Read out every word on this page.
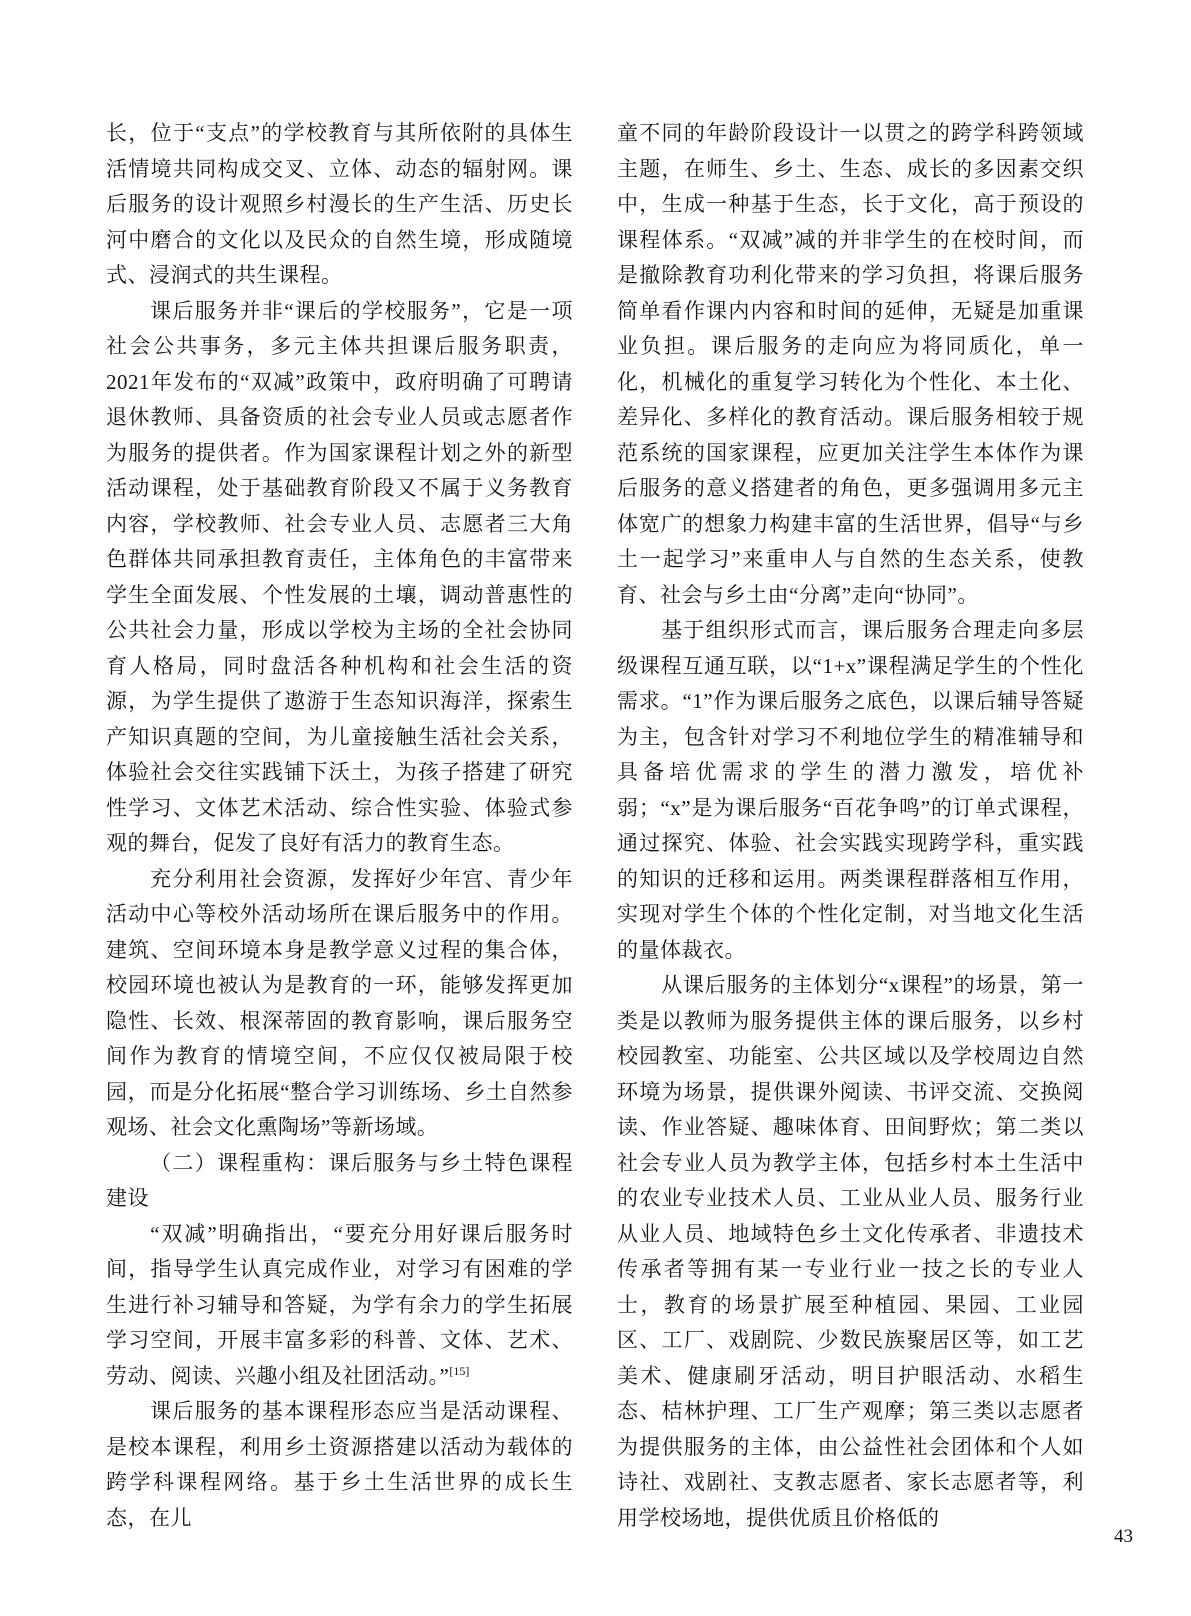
长，位于“支点”的学校教育与其所依附的具体生活情境共同构成交叉、立体、动态的辐射网。课后服务的设计观照乡村漫长的生产生活、历史长河中磨合的文化以及民众的自然生境，形成随境式、浸润式的共生课程。

课后服务并非“课后的学校服务”，它是一项社会公共事务，多元主体共担课后服务职责，2021年发布的“双减”政策中，政府明确了可聘请退休教师、具备资质的社会专业人员或志愿者作为服务的提供者。作为国家课程计划之外的新型活动课程，处于基础教育阶段又不属于义务教育内容，学校教师、社会专业人员、志愿者三大角色群体共同承担教育责任，主体角色的丰富带来学生全面发展、个性发展的土壤，调动普惠性的公共社会力量，形成以学校为主场的全社会协同育人格局，同时盘活各种机构和社会生活的资源，为学生提供了遨游于生态知识海洋，探索生产知识真题的空间，为儿童接触生活社会关系，体验社会交往实践铺下沃土，为孩子搭建了研究性学习、文体艺术活动、综合性实验、体验式参观的舞台，促发了良好有活力的教育生态。

充分利用社会资源，发挥好少年宫、青少年活动中心等校外活动场所在课后服务中的作用。建筑、空间环境本身是教学意义过程的集合体，校园环境也被认为是教育的一环，能够发挥更加隐性、长效、根深蒂固的教育影响，课后服务空间作为教育的情境空间，不应仅仅被局限于校园，而是分化拓展“整合学习训练场、乡土自然参观场、社会文化熏陶场”等新场域。

（二）课程重构：课后服务与乡土特色课程建设

“双减”明确指出，“要充分用好课后服务时间，指导学生认真完成作业，对学习有困难的学生进行补习辅导和答疑，为学有余力的学生拓展学习空间，开展丰富多彩的科普、文体、艺术、劳动、阅读、兴趣小组及社团活动。”[15]

课后服务的基本课程形态应当是活动课程、是校本课程，利用乡土资源搭建以活动为载体的跨学科课程网络。基于乡土生活世界的成长生态，在儿

童不同的年龄阶段设计一以贯之的跨学科跨领域主题，在师生、乡土、生态、成长的多因素交织中，生成一种基于生态，长于文化，高于预设的课程体系。“双减”减的并非学生的在校时间，而是撤除教育功利化带来的学习负担，将课后服务简单看作课内内容和时间的延伸，无疑是加重课业负担。课后服务的走向应为将同质化，单一化，机械化的重复学习转化为个性化、本土化、差异化、多样化的教育活动。课后服务相较于规范系统的国家课程，应更加关注学生本体作为课后服务的意义搭建者的角色，更多强调用多元主体宽广的想象力构建丰富的生活世界，倡导“与乡土一起学习”来重申人与自然的生态关系，使教育、社会与乡土由“分离”走向“协同”。

基于组织形式而言，课后服务合理走向多层级课程互通互联，以“1+x”课程满足学生的个性化需求。“1”作为课后服务之底色，以课后辅导答疑为主，包含针对学习不利地位学生的精准辅导和具备培优需求的学生的潜力激发，培优补弱；“x”是为课后服务“百花争鸣”的订单式课程，通过探究、体验、社会实践实现跨学科，重实践的知识的迁移和运用。两类课程群落相互作用，实现对学生个体的个性化定制，对当地文化生活的量体裁衣。

从课后服务的主体划分“x课程”的场景，第一类是以教师为服务提供主体的课后服务，以乡村校园教室、功能室、公共区域以及学校周边自然环境为场景，提供课外阅读、书评交流、交换阅读、作业答疑、趣味体育、田间野炊；第二类以社会专业人员为教学主体，包括乡村本土生活中的农业专业技术人员、工业从业人员、服务行业从业人员、地域特色乡土文化传承者、非遗技术传承者等拥有某一专业行业一技之长的专业人士，教育的场景扩展至种植园、果园、工业园区、工厂、戏剧院、少数民族聚居区等，如工艺美术、健康刷牙活动，明目护眼活动、水稻生态、桔林护理、工厂生产观摩；第三类以志愿者为提供服务的主体，由公益性社会团体和个人如诗社、戏剧社、支教志愿者、家长志愿者等，利用学校场地，提供优质且价格低的

43
